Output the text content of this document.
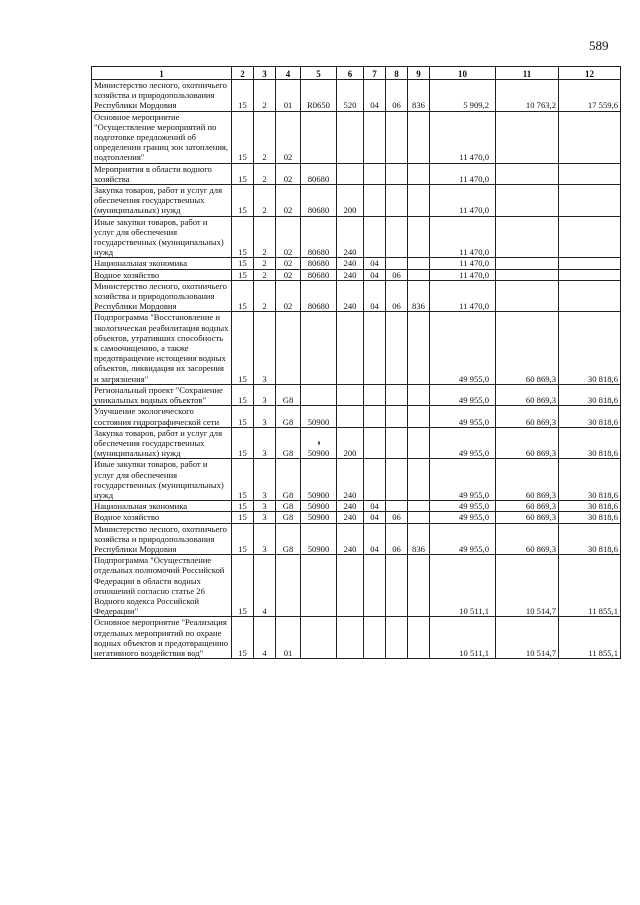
589
1	2	3	4	5	6	7	8	9	10	11	12
Министерство лесного, охотничьего хозяйства и природопользования Республики Мордовия	15	2	01	R0650	520	04	06	836	5 909,2	10 763,2	17 559,6
Основное мероприятие "Осуществление мероприятий по подготовке предложений об определении границ зон затопления, подтопления"	15	2	02						11 470,0		
Мероприятия в области водного хозяйства	15	2	02	80680					11 470,0		
Закупка товаров, работ и услуг для обеспечения государственных (муниципальных) нужд	15	2	02	80680	200				11 470,0		
Иные закупки товаров, работ и услуг для обеспечения государственных (муниципальных) нужд	15	2	02	80680	240				11 470,0		
Национальная экономика	15	2	02	80680	240	04			11 470,0		
Водное хозяйство	15	2	02	80680	240	04	06		11 470,0		
Министерство лесного, охотничьего хозяйства и природопользования Республики Мордовия	15	2	02	80680	240	04	06	836	11 470,0		
Подпрограмма "Восстановление и экологическая реабилитация водных объектов, утративших способность к самоочищению, а также предотвращение истощения водных объектов, ликвидация их засорения и загрязнения"	15	3							49 955,0	60 869,3	30 818,6
Региональный проект "Сохранение уникальных водных объектов"	15	3	G8						49 955,0	60 869,3	30 818,6
Улучшение экологического состояния гидрографической сети	15	3	G8	50900					49 955,0	60 869,3	30 818,6
Закупка товаров, работ и услуг для обеспечения государственных (муниципальных) нужд	15	3	G8	50900	200				49 955,0	60 869,3	30 818,6
Иные закупки товаров, работ и услуг для обеспечения государственных (муниципальных) нужд	15	3	G8	50900	240				49 955,0	60 869,3	30 818,6
Национальная экономика	15	3	G8	50900	240	04			49 955,0	60 869,3	30 818,6
Водное хозяйство	15	3	G8	50900	240	04	06		49 955,0	60 869,3	30 818,6
Министерство лесного, охотничьего хозяйства и природопользования Республики Мордовия	15	3	G8	50900	240	04	06	836	49 955,0	60 869,3	30 818,6
Подпрограмма "Осуществление отдельных полномочий Российской Федерации в области водных отношений согласно статье 26 Водного кодекса Российской Федерации"	15	4							10 511,1	10 514,7	11 855,1
Основное мероприятие "Реализация отдельных мероприятий по охране водных объектов и предотвращению негативного воздействия вод"	15	4	01						10 511,1	10 514,7	11 855,1
